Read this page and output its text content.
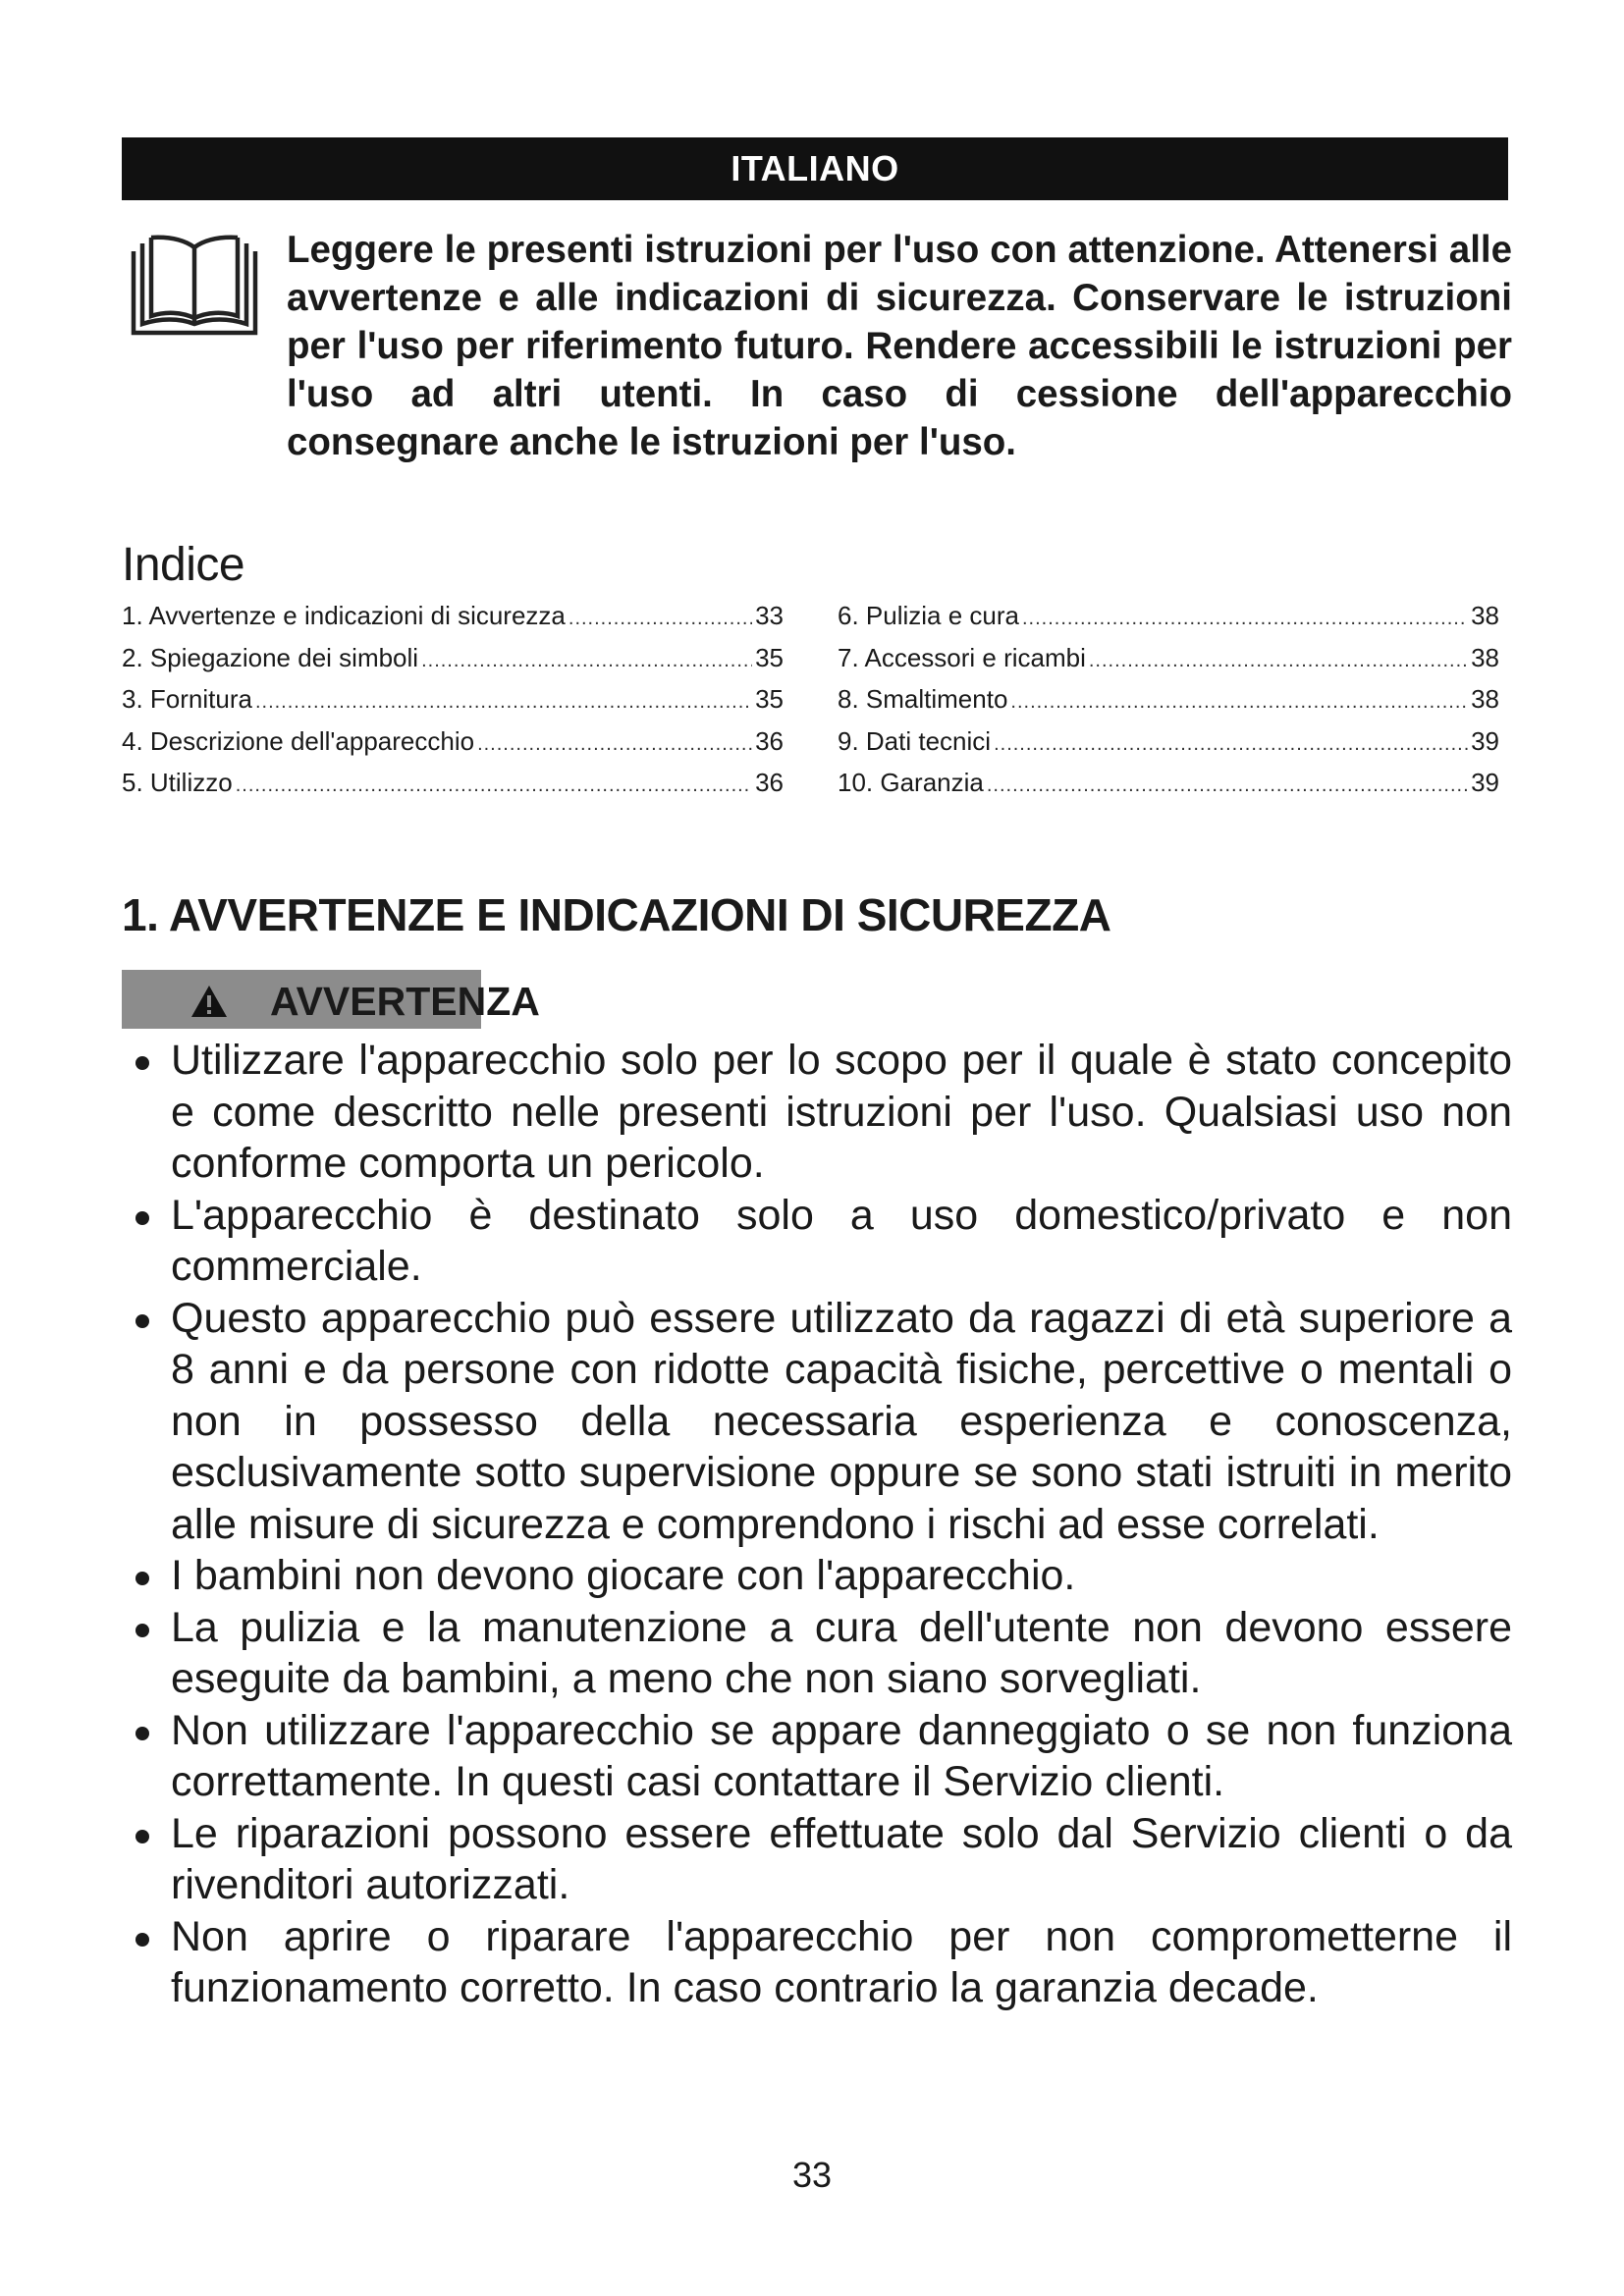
ITALIANO

Leggere le presenti istruzioni per l'uso con attenzione. Attenersi alle avvertenze e alle indicazioni di sicurezza. Conservare le istruzioni per l'uso per riferimento futuro. Rendere accessibili le istruzioni per l'uso ad altri utenti. In caso di cessione dell'apparecchio consegnare anche le istruzioni per l'uso.

Indice
1. Avvertenze e indicazioni di sicurezza .....	33
2. Spiegazione dei simboli .....	35
3. Fornitura .....	35
4. Descrizione dell'apparecchio .....	36
5. Utilizzo .....	36
6. Pulizia e cura .....	38
7. Accessori e ricambi .....	38
8. Smaltimento .....	38
9. Dati tecnici .....	39
10. Garanzia .....	39
1. AVVERTENZE E INDICAZIONI DI SICUREZZA
AVVERTENZA
Utilizzare l'apparecchio solo per lo scopo per il quale è stato concepito e come descritto nelle presenti istruzioni per l'uso. Qualsiasi uso non conforme comporta un pericolo.
L'apparecchio è destinato solo a uso domestico/privato e non commerciale.
Questo apparecchio può essere utilizzato da ragazzi di età superiore a 8 anni e da persone con ridotte capacità fisiche, percettive o mentali o non in possesso della necessaria esperienza e conoscenza, esclusivamente sotto supervisione oppure se sono stati istruiti in merito alle misure di sicurezza e comprendono i rischi ad esse correlati.
I bambini non devono giocare con l'apparecchio.
La pulizia e la manutenzione a cura dell'utente non devono essere eseguite da bambini, a meno che non siano sorvegliati.
Non utilizzare l'apparecchio se appare danneggiato o se non funziona correttamente. In questi casi contattare il Servizio clienti.
Le riparazioni possono essere effettuate solo dal Servizio clienti o da rivenditori autorizzati.
Non aprire o riparare l'apparecchio per non comprometterne il funzionamento corretto. In caso contrario la garanzia decade.
33
